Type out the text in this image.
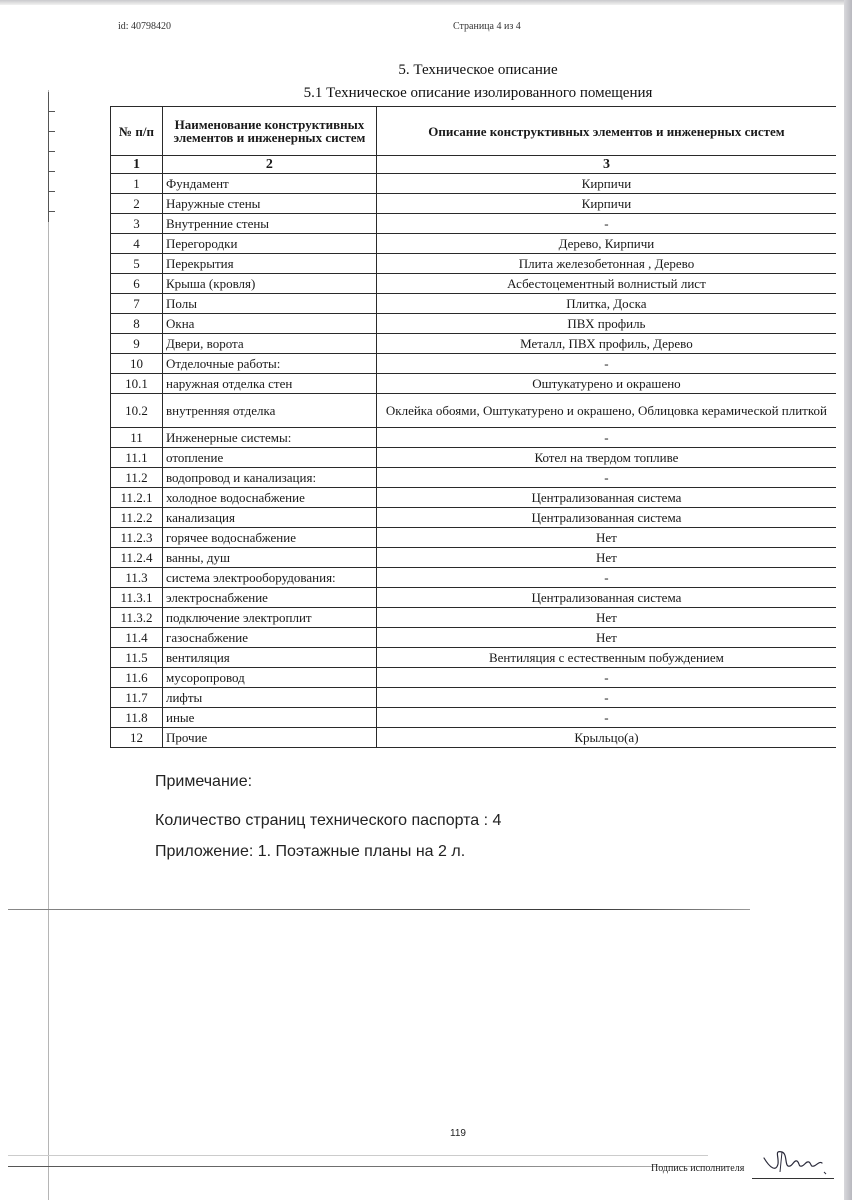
id: 40798420	Страница 4 из 4
5. Техническое описание
5.1 Техническое описание изолированного помещения
№ п/п	Наименование конструктивных элементов и инженерных систем	Описание конструктивных элементов и инженерных систем
1	2	3
1	Фундамент	Кирпичи
2	Наружные стены	Кирпичи
3	Внутренние стены	-
4	Перегородки	Дерево, Кирпичи
5	Перекрытия	Плита железобетонная , Дерево
6	Крыша (кровля)	Асбестоцементный волнистый лист
7	Полы	Плитка, Доска
8	Окна	ПВХ профиль
9	Двери, ворота	Металл, ПВХ профиль, Дерево
10	Отделочные работы:	-
10.1	наружная отделка стен	Оштукатурено и окрашено
10.2	внутренняя отделка	Оклейка обоями, Оштукатурено и окрашено, Облицовка керамической плиткой
11	Инженерные системы:	-
11.1	отопление	Котел на твердом топливе
11.2	водопровод и канализация:	-
11.2.1	холодное водоснабжение	Централизованная система
11.2.2	канализация	Централизованная система
11.2.3	горячее водоснабжение	Нет
11.2.4	ванны, душ	Нет
11.3	система электрооборудования:	-
11.3.1	электроснабжение	Централизованная система
11.3.2	подключение электроплит	Нет
11.4	газоснабжение	Нет
11.5	вентиляция	Вентиляция с естественным побуждением
11.6	мусоропровод	-
11.7	лифты	-
11.8	иные	-
12	Прочие	Крыльцо(а)
Примечание:
Количество страниц технического паспорта : 4
Приложение: 1. Поэтажные планы на 2 л.
119
Подпись исполнителя
